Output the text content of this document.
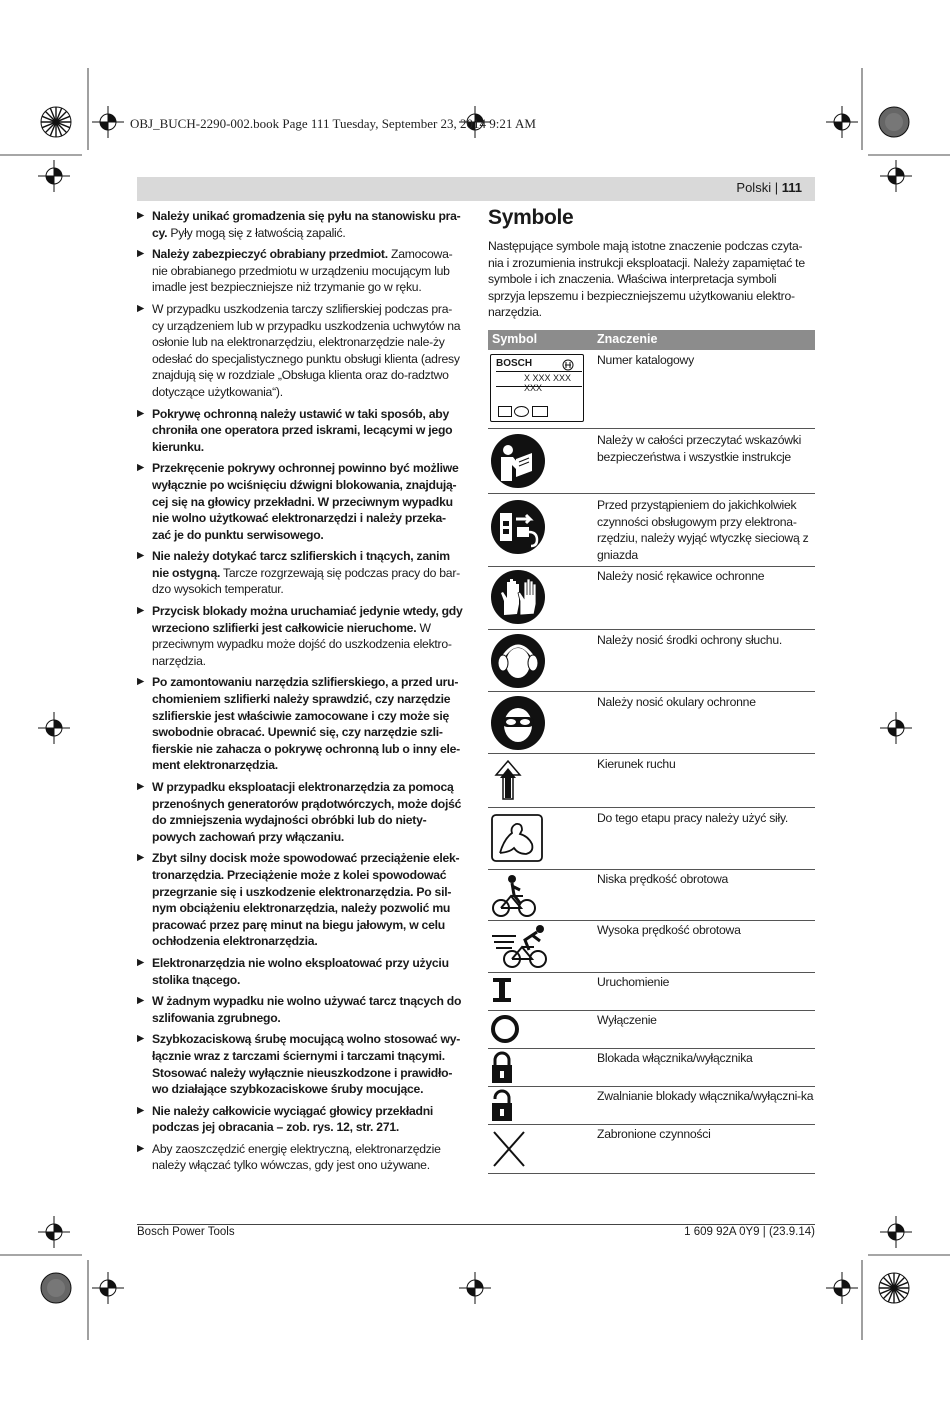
OBJ_BUCH-2290-002.book Page 111 Tuesday, September 23, 2014 9:21 AM
Polski | 111
▶ Należy unikać gromadzenia się pyłu na stanowisku pra-cy. Pyły mogą się z łatwością zapalić.
▶ Należy zabezpieczyć obrabiany przedmiot. Zamocowa-nie obrabianego przedmiotu w urządzeniu mocującym lub imadle jest bezpieczniejsze niż trzymanie go w ręku.
▶ W przypadku uszkodzenia tarczy szlifierskiej podczas pra-cy urządzeniem lub w przypadku uszkodzenia uchwytów na osłonie lub na elektronarzędziu, elektronarzędzie nale-ży odesłać do specjalistycznego punktu obsługi klienta (adresy znajdują się w rozdziale „Obsługa klienta oraz do-radztwo dotyczące użytkowania“).
▶ Pokrywę ochronną należy ustawić w taki sposób, aby chroniła one operatora przed iskrami, lecącymi w jego kierunku.
▶ Przekręcenie pokrywy ochronnej powinno być możliwe wyłącznie po wciśnięciu dźwigni blokowania, znajdują-cej się na głowicy przekładni. W przeciwnym wypadku nie wolno użytkować elektronarzędzi i należy przeka-zać je do punktu serwisowego.
▶ Nie należy dotykać tarcz szlifierskich i tnących, zanim nie ostygną. Tarcze rozgrzewają się podczas pracy do bar-dzo wysokich temperatur.
▶ Przycisk blokady można uruchamiać jedynie wtedy, gdy wrzeciono szlifierki jest całkowicie nieruchome. W przeciwnym wypadku może dojść do uszkodzenia elektro-narzędzia.
▶ Po zamontowaniu narzędzia szlifierskiego, a przed uru-chomieniem szlifierki należy sprawdzić, czy narzędzie szlifierskie jest właściwie zamocowane i czy może się swobodnie obracać. Upewnić się, czy narzędzie szli-fierskie nie zahacza o pokrywę ochronną lub o inny ele-ment elektronarzędzia.
▶ W przypadku eksploatacji elektronarzędzia za pomocą przenośnych generatorów prądotwórczych, może dojść do zmniejszenia wydajności obróbki lub do niety-powych zachowań przy włączaniu.
▶ Zbyt silny docisk może spowodować przeciążenie elek-tronarzędzia. Przeciążenie może z kolei spowodować przegrzanie się i uszkodzenie elektronarzędzia. Po sil-nym obciążeniu elektronarzędzia, należy pozwolić mu pracować przez parę minut na biegu jałowym, w celu ochłodzenia elektronarzędzia.
▶ Elektronarzędzia nie wolno eksploatować przy użyciu stolika tnącego.
▶ W żadnym wypadku nie wolno używać tarcz tnących do szlifowania zgrubnego.
▶ Szybkozaciskową śrubę mocującą wolno stosować wy-łącznie wraz z tarczami ściernymi i tarczami tnącymi. Stosować należy wyłącznie nieuszkodzone i prawidło-wo działające szybkozaciskowe śruby mocujące.
▶ Nie należy całkowicie wyciągać głowicy przekładni podczas jej obracania – zob. rys. 12, str. 271.
▶ Aby zaoszczędzić energię elektryczną, elektronarzędzie należy włączać tylko wówczas, gdy jest ono używane.
Symbole
Następujące symbole mają istotne znaczenie podczas czyta-nia i zrozumienia instrukcji eksploatacji. Należy zapamiętać te symbole i ich znaczenia. Właściwa interpretacja symboli sprzyja lepszemu i bezpieczniejszemu użytkowaniu elektro-narzędzia.
Symbol	Znaczenie
Numer katalogowy
Należy w całości przeczytać wskazówki bezpieczeństwa i wszystkie instrukcje
Przed przystąpieniem do jakichkolwiek czynności obsługowym przy elektrona-rzędziu, należy wyjąć wtyczkę sieciową z gniazda
Należy nosić rękawice ochronne
Należy nosić środki ochrony słuchu.
Należy nosić okulary ochronne
Kierunek ruchu
Do tego etapu pracy należy użyć siły.
Niska prędkość obrotowa
Wysoka prędkość obrotowa
Uruchomienie
Wyłączenie
Blokada włącznika/wyłącznika
Zwalnianie blokady włącznika/wyłączni-ka
Zabronione czynności
BOSCH
X XXX XXX XXX
Bosch Power Tools	1 609 92A 0Y9 | (23.9.14)
